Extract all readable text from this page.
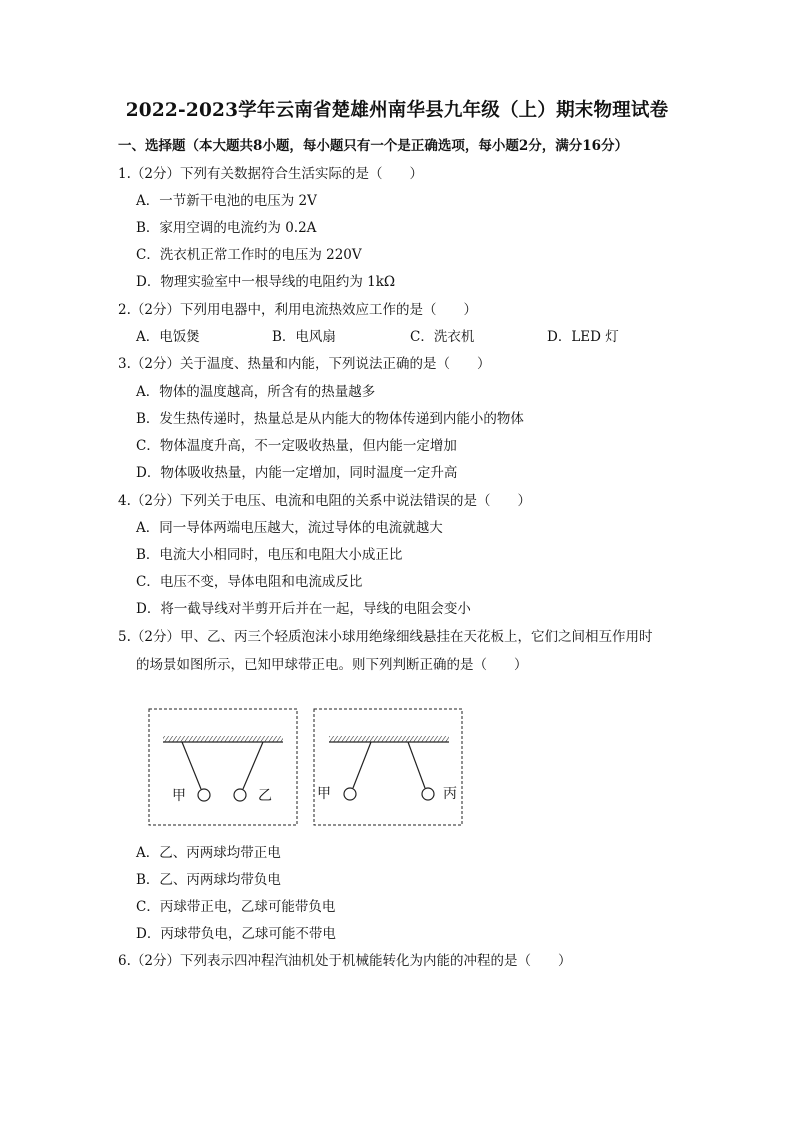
2022-2023学年云南省楚雄州南华县九年级（上）期末物理试卷
一、选择题（本大题共8小题，每小题只有一个是正确选项，每小题2分，满分16分）
1.（2分）下列有关数据符合生活实际的是（　　）
A．一节新干电池的电压为 2V
B．家用空调的电流约为 0.2A
C．洗衣机正常工作时的电压为 220V
D．物理实验室中一根导线的电阻约为 1kΩ
2.（2分）下列用电器中，利用电流热效应工作的是（　　）
A．电饭煲	B．电风扇	C．洗衣机	D．LED 灯
3.（2分）关于温度、热量和内能，下列说法正确的是（　　）
A．物体的温度越高，所含有的热量越多
B．发生热传递时，热量总是从内能大的物体传递到内能小的物体
C．物体温度升高，不一定吸收热量，但内能一定增加
D．物体吸收热量，内能一定增加，同时温度一定升高
4.（2分）下列关于电压、电流和电阻的关系中说法错误的是（　　）
A．同一导体两端电压越大，流过导体的电流就越大
B．电流大小相同时，电压和电阻大小成正比
C．电压不变，导体电阻和电流成反比
D．将一截导线对半剪开后并在一起，导线的电阻会变小
5.（2分）甲、乙、丙三个轻质泡沫小球用绝缘细线悬挂在天花板上，它们之间相互作用时
的场景如图所示，已知甲球带正电。则下列判断正确的是（　　）
甲	乙	甲	丙
A．乙、丙两球均带正电
B．乙、丙两球均带负电
C．丙球带正电，乙球可能带负电
D．丙球带负电，乙球可能不带电
6.（2分）下列表示四冲程汽油机处于机械能转化为内能的冲程的是（　　）
